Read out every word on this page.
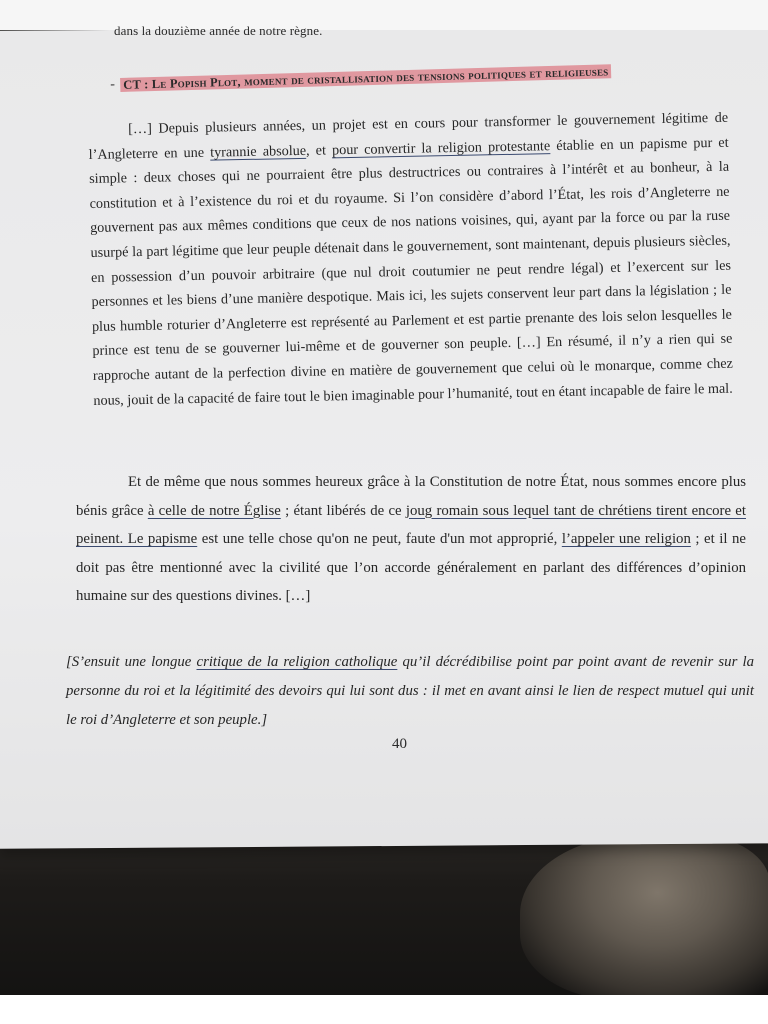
dans la douzième année de notre règne.

- CT : Le Popish Plot, moment de cristallisation des tensions politiques et religieuses

[…] Depuis plusieurs années, un projet est en cours pour transformer le gouvernement légitime de l’Angleterre en une tyrannie absolue, et pour convertir la religion protestante établie en un papisme pur et simple : deux choses qui ne pourraient être plus destructrices ou contraires à l’intérêt et au bonheur, à la constitution et à l’existence du roi et du royaume. Si l’on considère d’abord l’État, les rois d’Angleterre ne gouvernent pas aux mêmes conditions que ceux de nos nations voisines, qui, ayant par la force ou par la ruse usurpé la part légitime que leur peuple détenait dans le gouvernement, sont maintenant, depuis plusieurs siècles, en possession d’un pouvoir arbitraire (que nul droit coutumier ne peut rendre légal) et l’exercent sur les personnes et les biens d’une manière despotique. Mais ici, les sujets conservent leur part dans la législation ; le plus humble roturier d’Angleterre est représenté au Parlement et est partie prenante des lois selon lesquelles le prince est tenu de se gouverner lui-même et de gouverner son peuple. […] En résumé, il n’y a rien qui se rapproche autant de la perfection divine en matière de gouvernement que celui où le monarque, comme chez nous, jouit de la capacité de faire tout le bien imaginable pour l’humanité, tout en étant incapable de faire le mal.

Et de même que nous sommes heureux grâce à la Constitution de notre État, nous sommes encore plus bénis grâce à celle de notre Église ; étant libérés de ce joug romain sous lequel tant de chrétiens tirent encore et peinent. Le papisme est une telle chose qu'on ne peut, faute d'un mot approprié, l’appeler une religion ; et il ne doit pas être mentionné avec la civilité que l’on accorde généralement en parlant des différences d’opinion humaine sur des questions divines. […]

[S’ensuit une longue critique de la religion catholique qu’il décrédibilise point par point avant de revenir sur la personne du roi et la légitimité des devoirs qui lui sont dus : il met en avant ainsi le lien de respect mutuel qui unit le roi d’Angleterre et son peuple.]

40
